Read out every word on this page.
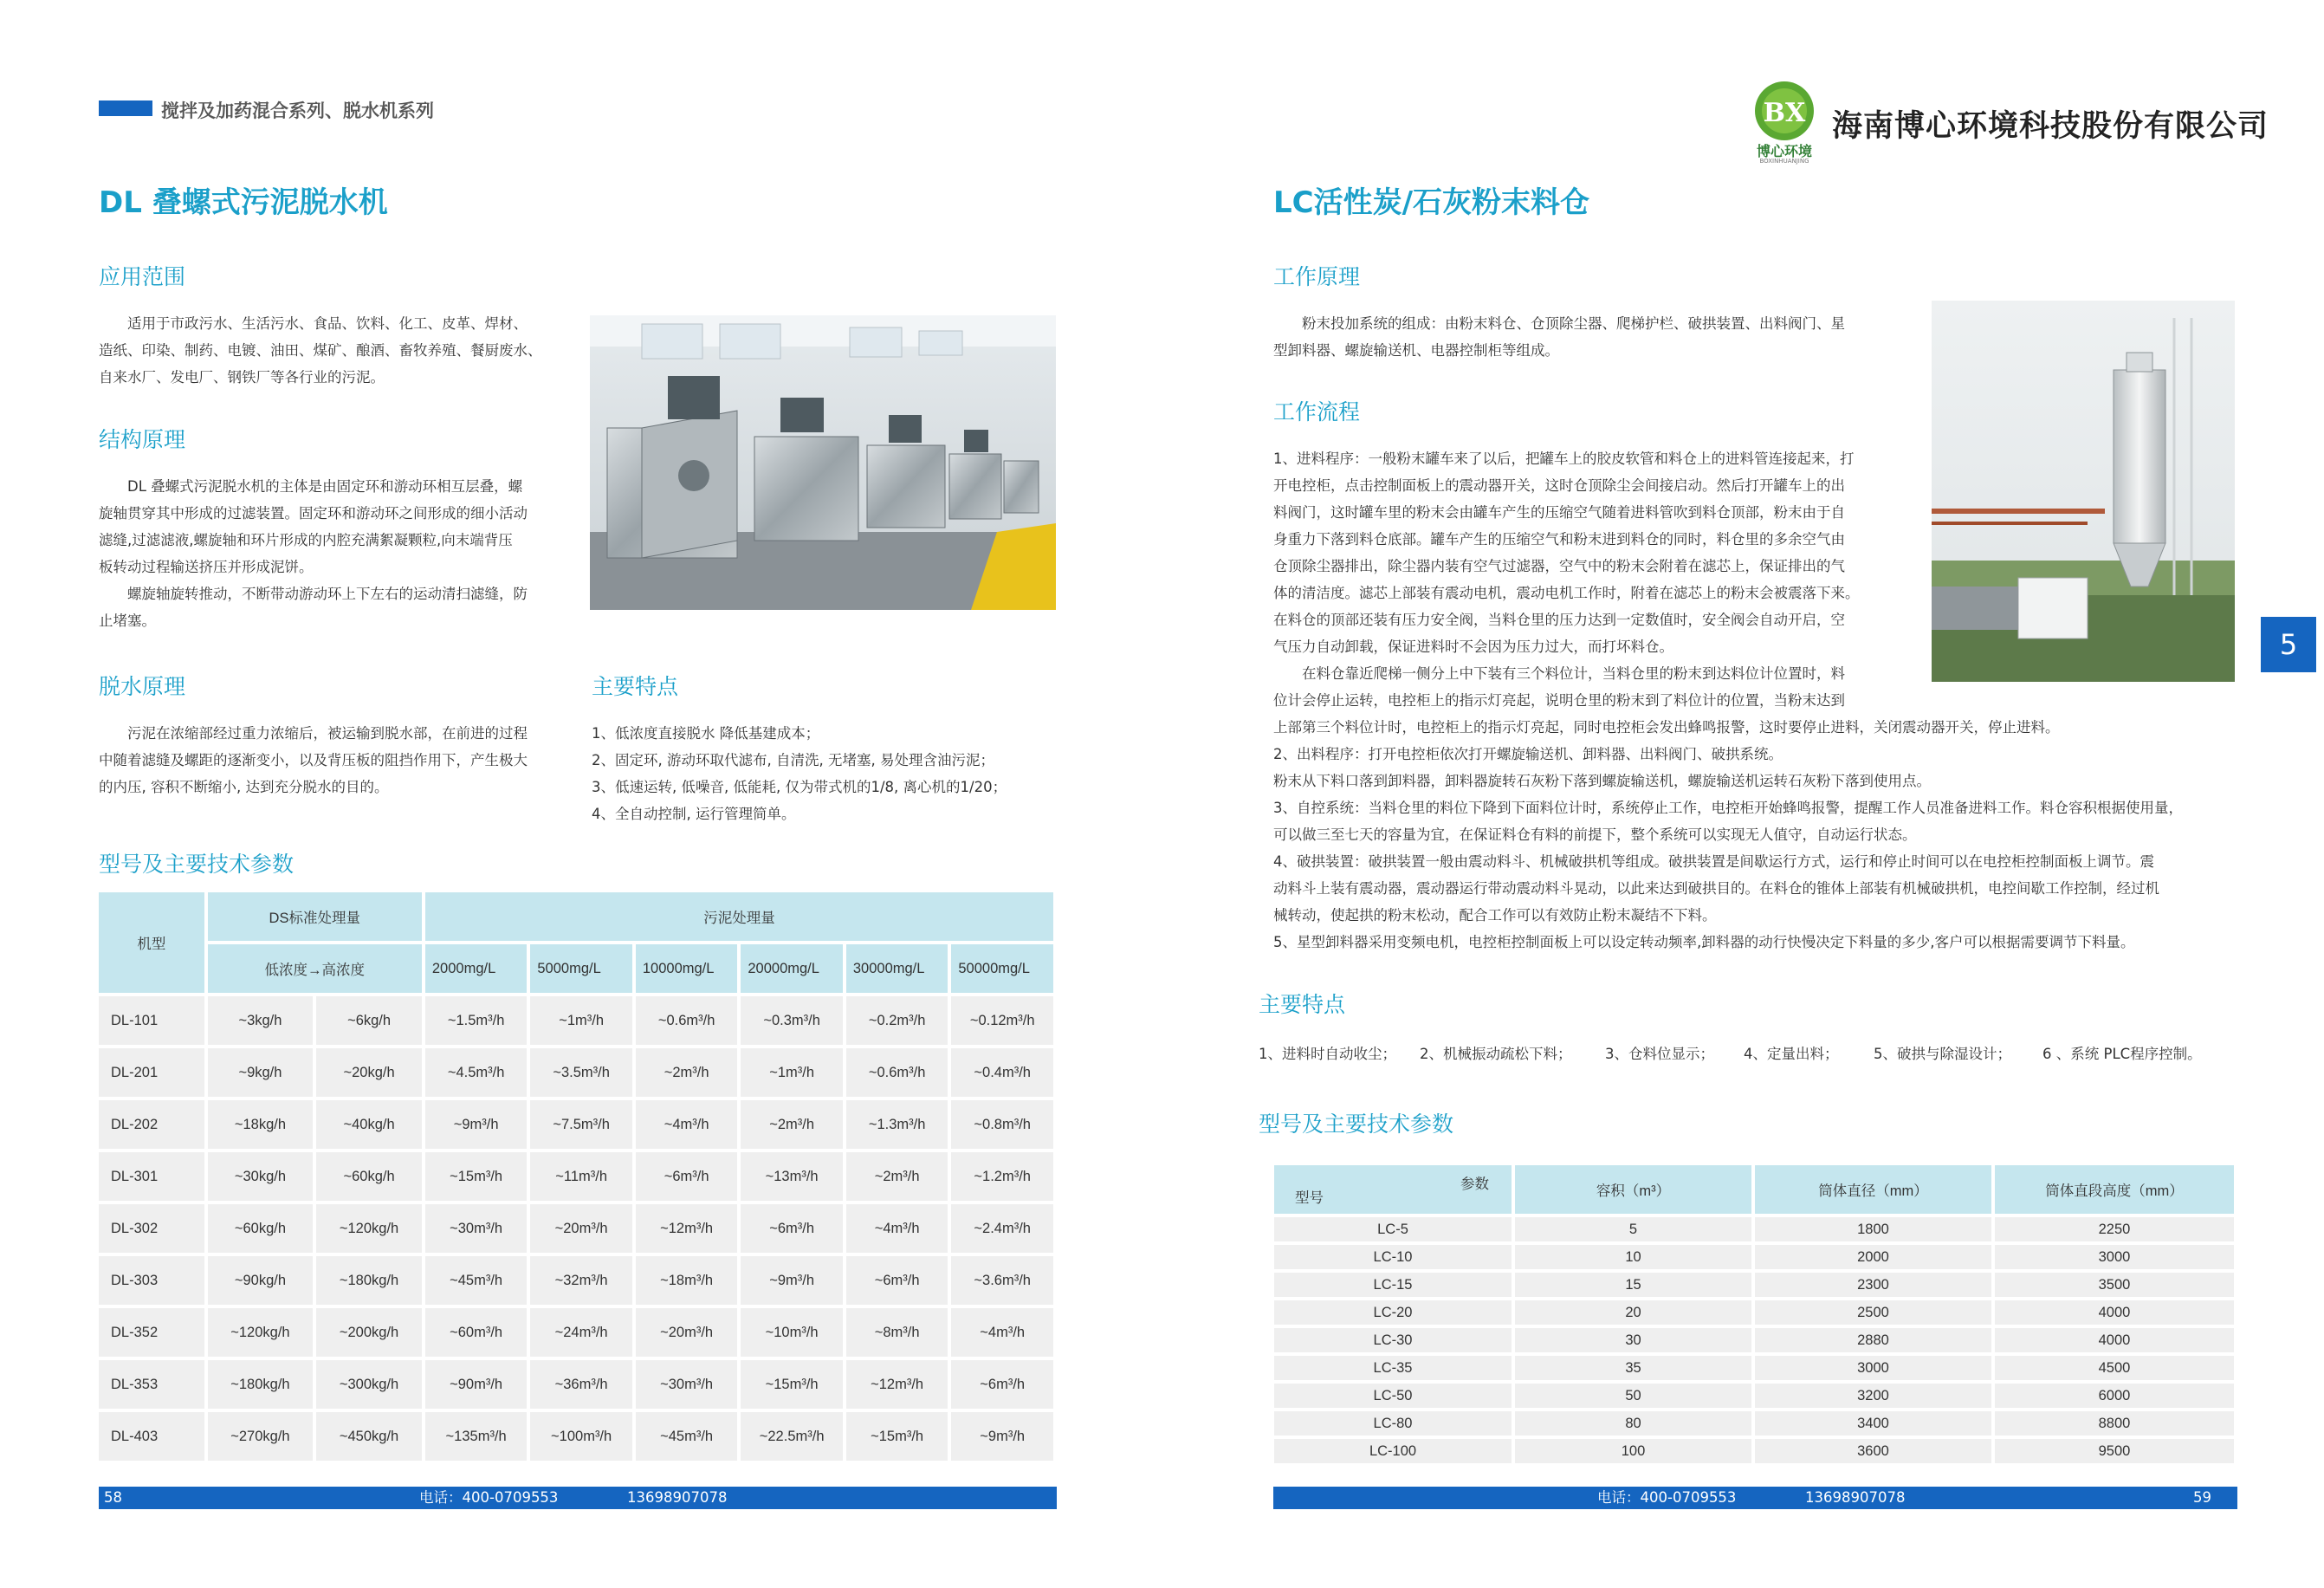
搅拌及加药混合系列、脱水机系列	BX
博心环境
BOXINHUANJING
海南博心环境科技股份有限公司
DL 叠螺式污泥脱水机
应用范围

适用于市政污水、生活污水、食品、饮料、化工、皮革、焊材、

造纸、印染、制药、电镀、油田、煤矿、酿酒、畜牧养殖、餐厨废水、

自来水厂、发电厂、钢铁厂等各行业的污泥。

结构原理

DL 叠螺式污泥脱水机的主体是由固定环和游动环相互层叠，螺

旋轴贯穿其中形成的过滤装置。固定环和游动环之间形成的细小活动

滤缝,过滤滤液,螺旋轴和环片形成的内腔充满絮凝颗粒,向末端背压

板转动过程输送挤压并形成泥饼。

螺旋轴旋转推动，不断带动游动环上下左右的运动清扫滤缝，防

止堵塞。

脱水原理

污泥在浓缩部经过重力浓缩后，被运输到脱水部，在前进的过程

中随着滤缝及螺距的逐渐变小，以及背压板的阻挡作用下，产生极大

的内压, 容积不断缩小, 达到充分脱水的目的。

主要特点

1、低浓度直接脱水 降低基建成本；

2、固定环, 游动环取代滤布, 自清洗, 无堵塞, 易处理含油污泥；

3、低速运转, 低噪音, 低能耗, 仅为带式机的1/8, 离心机的1/20；

4、全自动控制, 运行管理简单。

型号及主要技术参数
机型	DS标准处理量		污泥处理量					
	低浓度→高浓度		2000mg/L	5000mg/L	10000mg/L	20000mg/L	30000mg/L	50000mg/L
DL-101	~3kg/h	~6kg/h	~1.5m³/h	~1m³/h	~0.6m³/h	~0.3m³/h	~0.2m³/h	~0.12m³/h
DL-201	~9kg/h	~20kg/h	~4.5m³/h	~3.5m³/h	~2m³/h	~1m³/h	~0.6m³/h	~0.4m³/h
DL-202	~18kg/h	~40kg/h	~9m³/h	~7.5m³/h	~4m³/h	~2m³/h	~1.3m³/h	~0.8m³/h
DL-301	~30kg/h	~60kg/h	~15m³/h	~11m³/h	~6m³/h	~13m³/h	~2m³/h	~1.2m³/h
DL-302	~60kg/h	~120kg/h	~30m³/h	~20m³/h	~12m³/h	~6m³/h	~4m³/h	~2.4m³/h
DL-303	~90kg/h	~180kg/h	~45m³/h	~32m³/h	~18m³/h	~9m³/h	~6m³/h	~3.6m³/h
DL-352	~120kg/h	~200kg/h	~60m³/h	~24m³/h	~20m³/h	~10m³/h	~8m³/h	~4m³/h
DL-353	~180kg/h	~300kg/h	~90m³/h	~36m³/h	~30m³/h	~15m³/h	~12m³/h	~6m³/h
DL-403	~270kg/h	~450kg/h	~135m³/h	~100m³/h	~45m³/h	~22.5m³/h	~15m³/h	~9m³/h
58	电话：400-0709553	13698907078
LC活性炭/石灰粉末料仓
工作原理

粉末投加系统的组成：由粉末料仓、仓顶除尘器、爬梯护栏、破拱装置、出料阀门、星

型卸料器、螺旋输送机、电器控制柜等组成。

工作流程

1、进料程序：一般粉末罐车来了以后，把罐车上的胶皮软管和料仓上的进料管连接起来，打

开电控柜，点击控制面板上的震动器开关，这时仓顶除尘会间接启动。然后打开罐车上的出

料阀门，这时罐车里的粉末会由罐车产生的压缩空气随着进料管吹到料仓顶部，粉末由于自

身重力下落到料仓底部。罐车产生的压缩空气和粉末进到料仓的同时，料仓里的多余空气由

仓顶除尘器排出，除尘器内装有空气过滤器，空气中的粉末会附着在滤芯上，保证排出的气

体的清洁度。滤芯上部装有震动电机，震动电机工作时，附着在滤芯上的粉末会被震落下来。

在料仓的顶部还装有压力安全阀，当料仓里的压力达到一定数值时，安全阀会自动开启，空

气压力自动卸载，保证进料时不会因为压力过大，而打坏料仓。

在料仓靠近爬梯一侧分上中下装有三个料位计，当料仓里的粉末到达料位计位置时，料

位计会停止运转，电控柜上的指示灯亮起，说明仓里的粉末到了料位计的位置，当粉末达到

上部第三个料位计时，电控柜上的指示灯亮起，同时电控柜会发出蜂鸣报警，这时要停止进料，关闭震动器开关，停止进料。

2、出料程序：打开电控柜依次打开螺旋输送机、卸料器、出料阀门、破拱系统。

粉末从下料口落到卸料器，卸料器旋转石灰粉下落到螺旋输送机，螺旋输送机运转石灰粉下落到使用点。

3、自控系统：当料仓里的料位下降到下面料位计时，系统停止工作，电控柜开始蜂鸣报警，提醒工作人员准备进料工作。料仓容积根据使用量，

可以做三至七天的容量为宜，在保证料仓有料的前提下，整个系统可以实现无人值守，自动运行状态。

4、破拱装置：破拱装置一般由震动料斗、机械破拱机等组成。破拱装置是间歇运行方式，运行和停止时间可以在电控柜控制面板上调节。震

动料斗上装有震动器，震动器运行带动震动料斗晃动，以此来达到破拱目的。在料仓的锥体上部装有机械破拱机，电控间歇工作控制，经过机

械转动，使起拱的粉末松动，配合工作可以有效防止粉末凝结不下料。

5、星型卸料器采用变频电机，电控柜控制面板上可以设定转动频率,卸料器的动行快慢决定下料量的多少,客户可以根据需要调节下料量。

主要特点
1、进料时自动收尘； 2、机械振动疏松下料； 3、仓料位显示； 4、定量出料； 5、破拱与除湿设计； 6 、系统 PLC程序控制。
型号及主要技术参数
参数
型号	容积（m³）	筒体直径（mm）	筒体直段高度（mm）
LC-5	5	1800	2250
LC-10	10	2000	3000
LC-15	15	2300	3500
LC-20	20	2500	4000
LC-30	30	2880	4000
LC-35	35	3000	4500
LC-50	50	3200	6000
LC-80	80	3400	8800
LC-100	100	3600	9500
电话：400-0709553	13698907078	59
5
